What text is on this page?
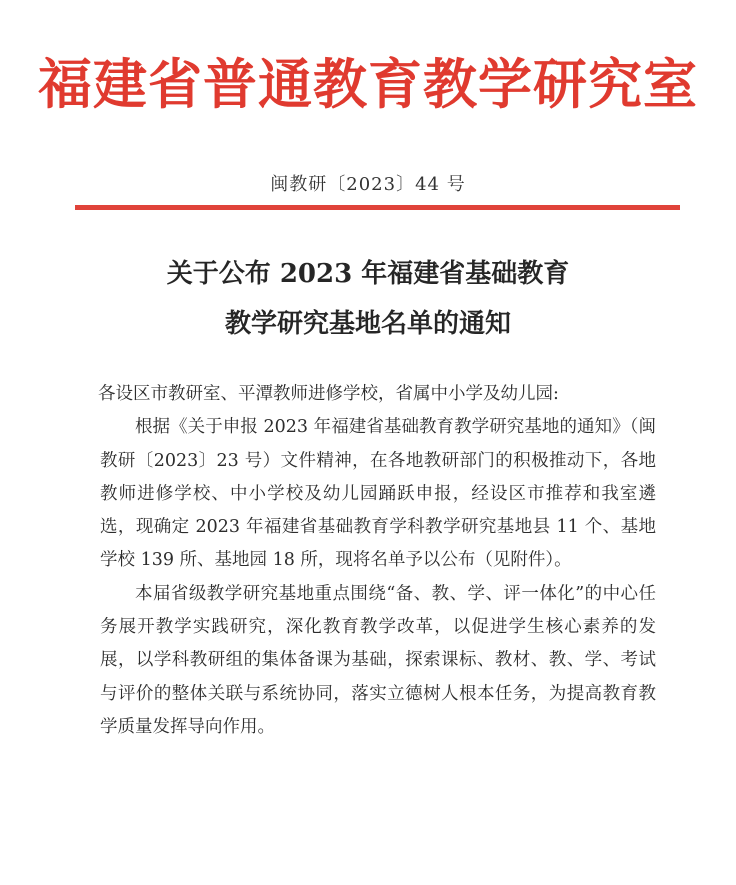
福建省普通教育教学研究室
闽教研〔2023〕44 号
关于公布 2023 年福建省基础教育
教学研究基地名单的通知

各设区市教研室、平潭教师进修学校，省属中小学及幼儿园:

根据《关于申报 2023 年福建省基础教育教学研究基地的通知》（闽教研〔2023〕23 号）文件精神，在各地教研部门的积极推动下，各地教师进修学校、中小学校及幼儿园踊跃申报，经设区市推荐和我室遴选，现确定 2023 年福建省基础教育学科教学研究基地县 11 个、基地学校 139 所、基地园 18 所，现将名单予以公布（见附件）。

本届省级教学研究基地重点围绕“备、教、学、评一体化”的中心任务展开教学实践研究，深化教育教学改革，以促进学生核心素养的发展，以学科教研组的集体备课为基础，探索课标、教材、教、学、考试与评价的整体关联与系统协同，落实立德树人根本任务，为提高教育教学质量发挥导向作用。
